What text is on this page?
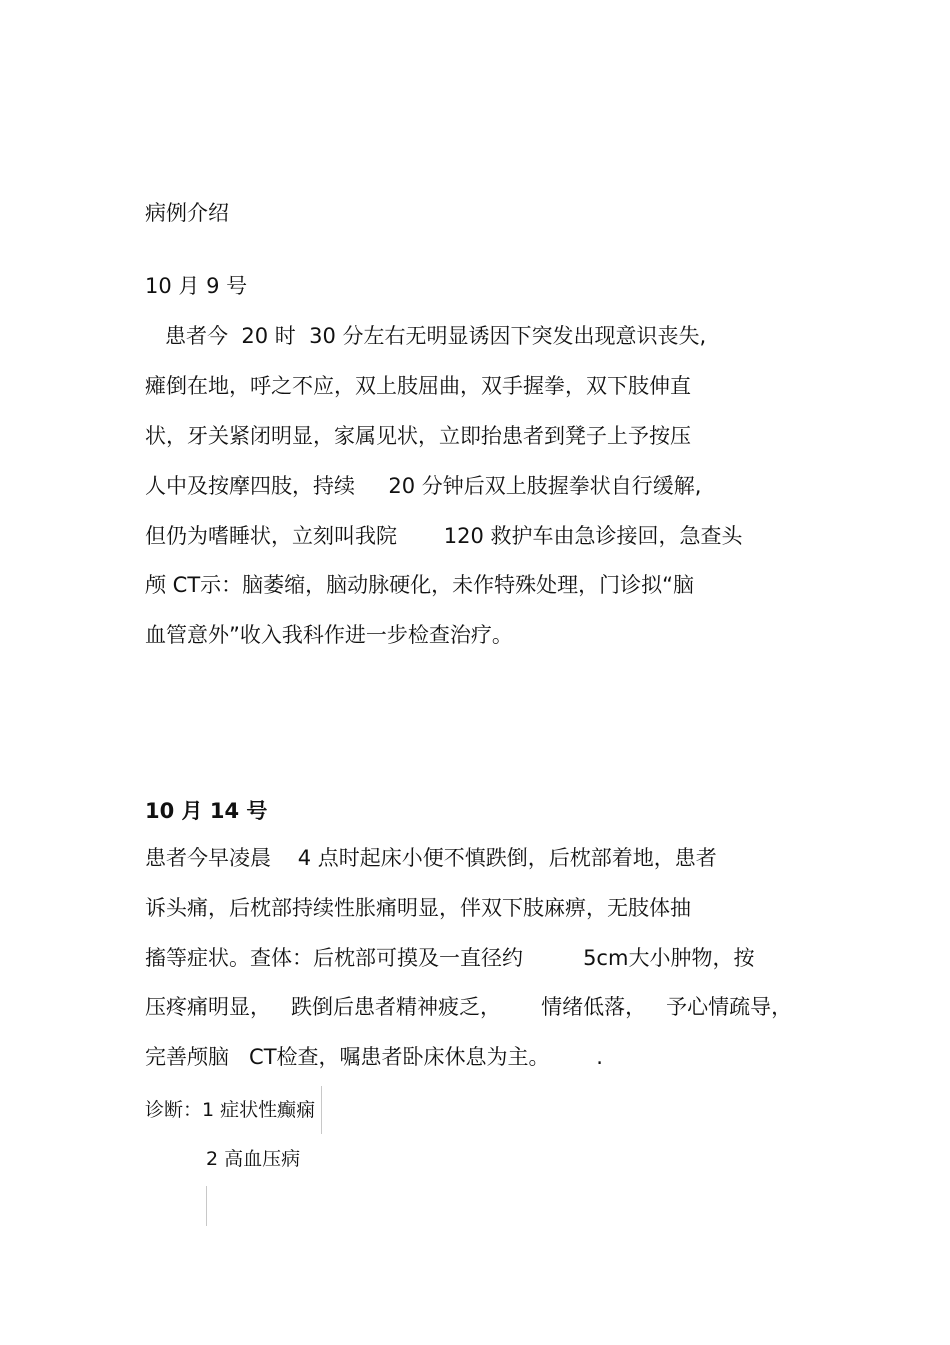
病例介绍
10 月 9 号
患者今  20 时  30 分左右无明显诱因下突发出现意识丧失,
瘫倒在地，呼之不应，双上肢屈曲，双手握拳，双下肢伸直
状，牙关紧闭明显，家属见状，立即抬患者到凳子上予按压
人中及按摩四肢，持续     20 分钟后双上肢握拳状自行缓解,
但仍为嗜睡状，立刻叫我院       120 救护车由急诊接回，急查头
颅 CT示：脑萎缩，脑动脉硬化，未作特殊处理，门诊拟“脑
血管意外”收入我科作进一步检查治疗。
10 月 14 号
患者今早凌晨    4 点时起床小便不慎跌倒，后枕部着地，患者
诉头痛，后枕部持续性胀痛明显，伴双下肢麻痹，无肢体抽
搐等症状。查体：后枕部可摸及一直径约         5cm大小肿物，按
压疼痛明显，   跌倒后患者精神疲乏，      情绪低落，   予心情疏导，
完善颅脑   CT检查，嘱患者卧床休息为主。       .
诊断：1 症状性癫痫
2 高血压病
